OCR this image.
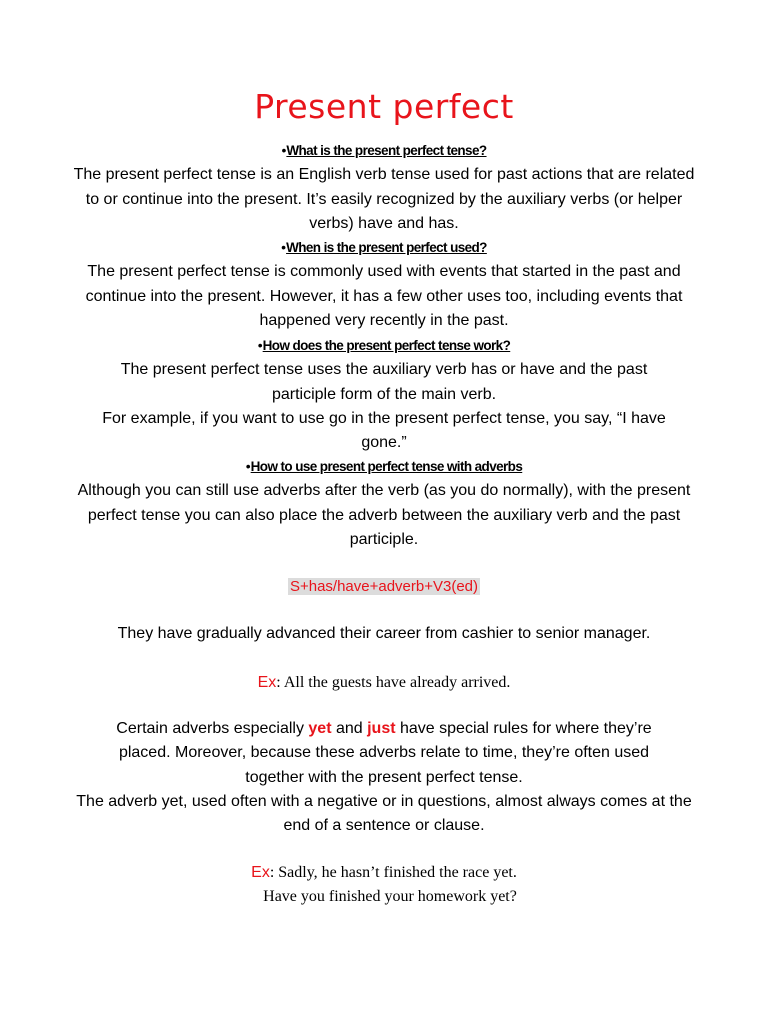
Present perfect
•What is the present perfect tense?
The present perfect tense is an English verb tense used for past actions that are related to or continue into the present. It’s easily recognized by the auxiliary verbs (or helper verbs) have and has.
•When is the present perfect used?
The present perfect tense is commonly used with events that started in the past and continue into the present. However, it has a few other uses too, including events that happened very recently in the past.
•How does the present perfect tense work?
The present perfect tense uses the auxiliary verb has or have and the past participle form of the main verb.
For example, if you want to use go in the present perfect tense, you say, “I have gone.”
•How to use present perfect tense with adverbs
Although you can still use adverbs after the verb (as you do normally), with the present perfect tense you can also place the adverb between the auxiliary verb and the past participle.
S+has/have+adverb+V3(ed)
They have gradually advanced their career from cashier to senior manager.
Ex: All the guests have already arrived.
Certain adverbs especially yet and just have special rules for where they’re placed. Moreover, because these adverbs relate to time, they’re often used together with the present perfect tense.
The adverb yet, used often with a negative or in questions, almost always comes at the end of a sentence or clause.
Ex: Sadly, he hasn’t finished the race yet.
Have you finished your homework yet?
